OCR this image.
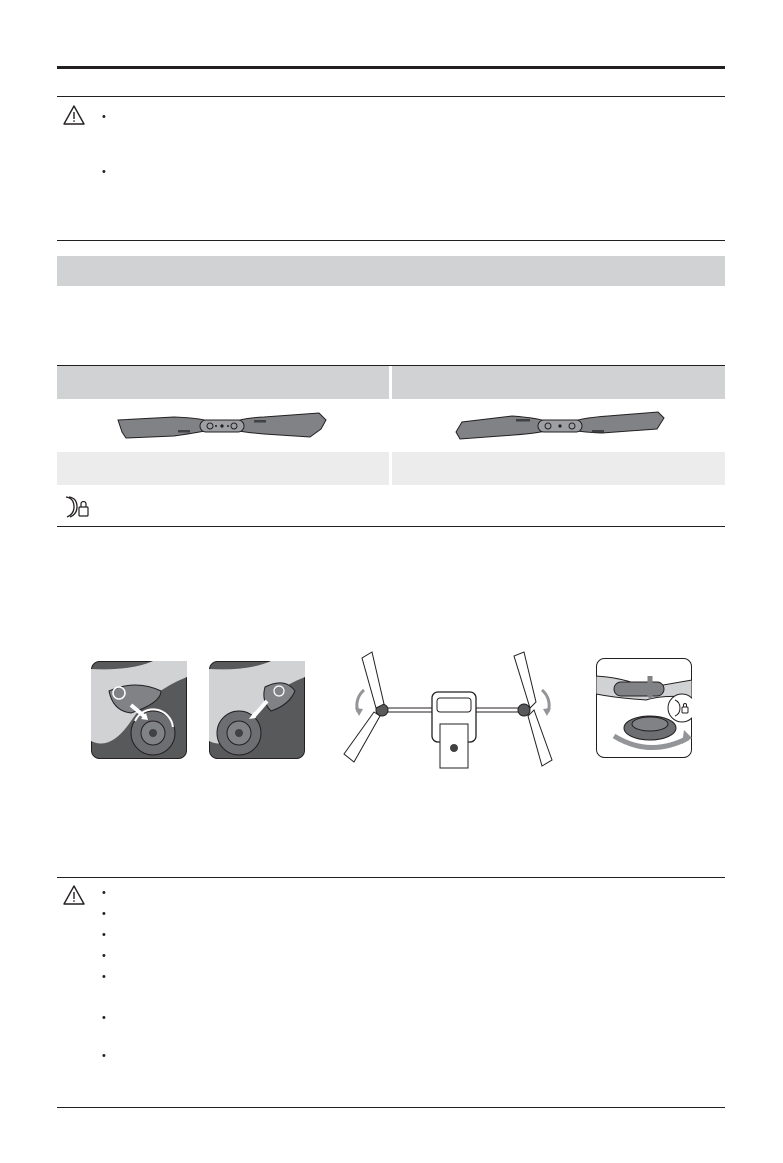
•
•
•
•
•
•
•
•
•
